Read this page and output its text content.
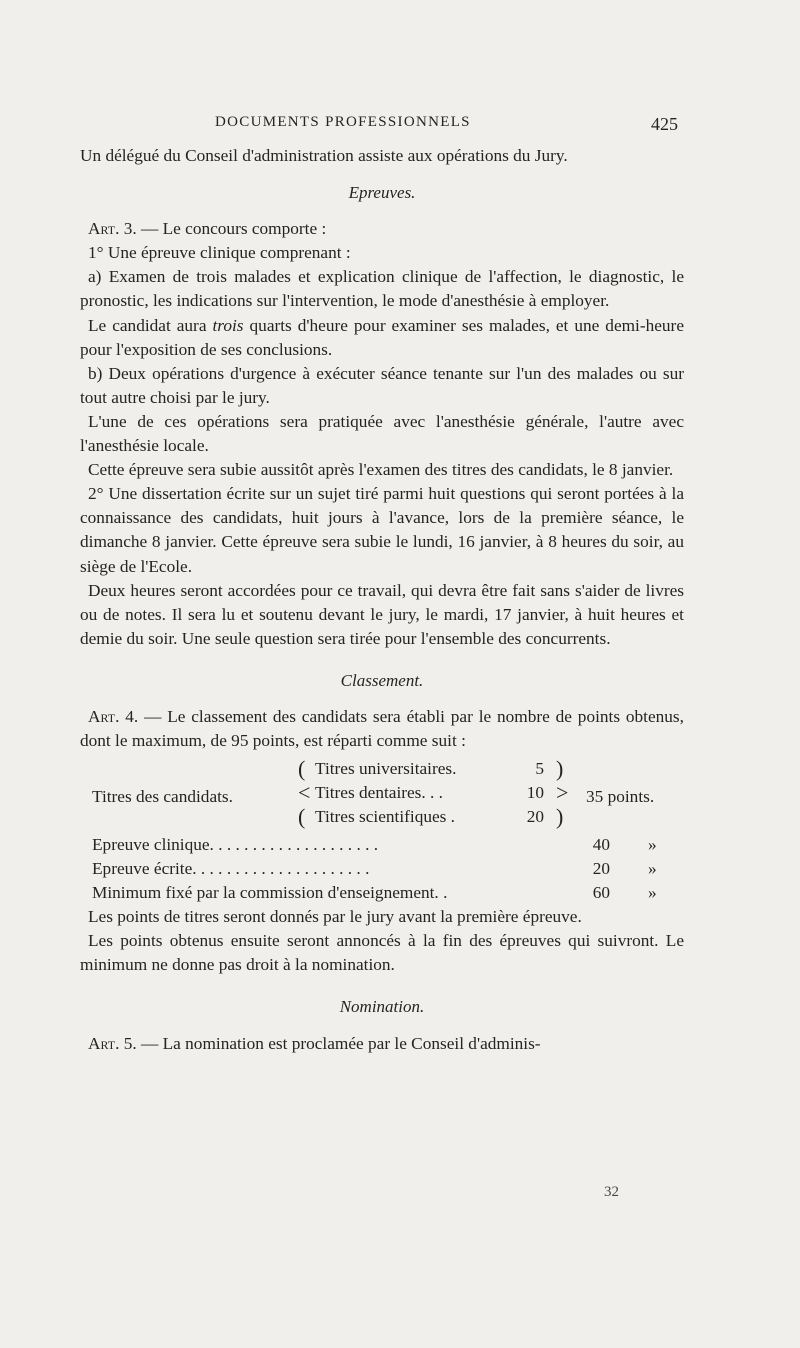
DOCUMENTS PROFESSIONNELS	425

Un délégué du Conseil d'administration assiste aux opérations du Jury.

Epreuves.

Art. 3. — Le concours comporte :

1° Une épreuve clinique comprenant :

a) Examen de trois malades et explication clinique de l'affection, le diagnostic, le pronostic, les indications sur l'intervention, le mode d'anesthésie à employer.

Le candidat aura trois quarts d'heure pour examiner ses malades, et une demi-heure pour l'exposition de ses conclusions.

b) Deux opérations d'urgence à exécuter séance tenante sur l'un des malades ou sur tout autre choisi par le jury.

L'une de ces opérations sera pratiquée avec l'anesthésie générale, l'autre avec l'anesthésie locale.

Cette épreuve sera subie aussitôt après l'examen des titres des candidats, le 8 janvier.

2° Une dissertation écrite sur un sujet tiré parmi huit questions qui seront portées à la connaissance des candidats, huit jours à l'avance, lors de la première séance, le dimanche 8 janvier. Cette épreuve sera subie le lundi, 16 janvier, à 8 heures du soir, au siège de l'Ecole.

Deux heures seront accordées pour ce travail, qui devra être fait sans s'aider de livres ou de notes. Il sera lu et soutenu devant le jury, le mardi, 17 janvier, à huit heures et demie du soir. Une seule question sera tirée pour l'ensemble des concurrents.

Classement.

Art. 4. — Le classement des candidats sera établi par le nombre de points obtenus, dont le maximum, de 95 points, est réparti comme suit :

Titres des candidats.
(
<
(
Titres universitaires.	5
Titres dentaires. . .	10
Titres scientifiques .	20
)
>
)
35 points.
Epreuve clinique. . . . . . . . . . . . . . . . . . . .	40 »
Epreuve écrite. . . . . . . . . . . . . . . . . . . . .	20 »
Minimum fixé par la commission d'enseignement. .	60 »

Les points de titres seront donnés par le jury avant la première épreuve.

Les points obtenus ensuite seront annoncés à la fin des épreuves qui suivront. Le minimum ne donne pas droit à la nomination.

Nomination.

Art. 5. — La nomination est proclamée par le Conseil d'adminis-

32
